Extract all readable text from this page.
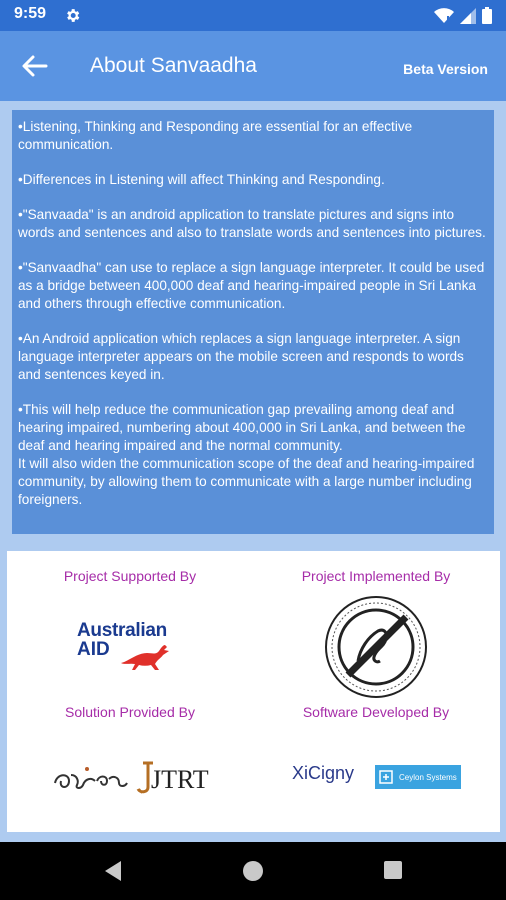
9:59
About Sanvaadha	Beta Version

•Listening, Thinking and Responding are essential for an effective communication.

•Differences in Listening will affect Thinking and Responding.

•"Sanvaada" is an android application to translate pictures and signs into words and sentences and also to translate words and sentences into pictures.

•"Sanvaadha" can use to replace a sign language interpreter. It could be used as a bridge between 400,000 deaf and hearing-impaired people in Sri Lanka and others through effective communication.

•An Android application which replaces a sign language interpreter. A sign language interpreter appears on the mobile screen and responds to words and sentences keyed in.

•This will help reduce the communication gap prevailing among deaf and hearing impaired, numbering about 400,000 in Sri Lanka, and between the deaf and hearing impaired and the normal community.
It will also widen the communication scope of the deaf and hearing-impaired community, by allowing them to communicate with a large number including foreigners.

Project Supported By	Project Implemented By
Australian
AID
Solution Provided By	Software Developed By
JTRT	XiCigny	Ceylon Systems
